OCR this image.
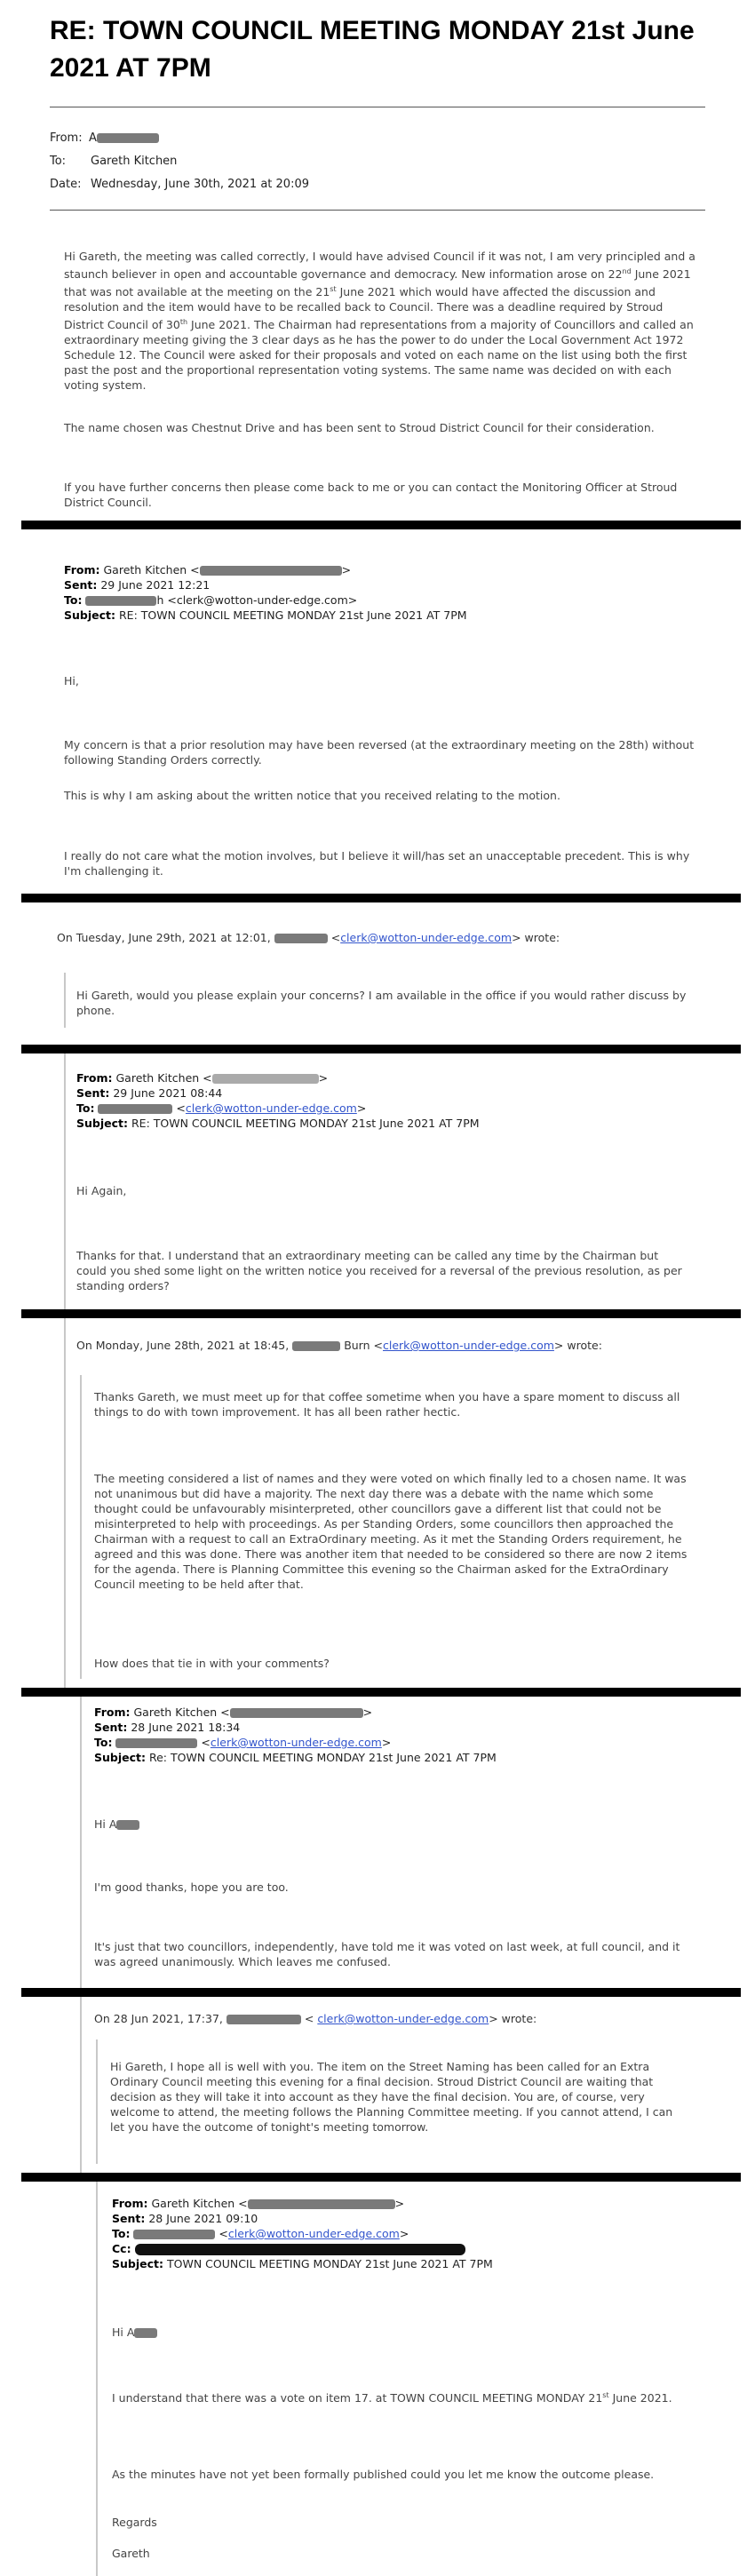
RE: TOWN COUNCIL MEETING MONDAY 21st June 2021 AT 7PM
From: A
To: Gareth Kitchen
Date: Wednesday, June 30th, 2021 at 20:09

Hi Gareth, the meeting was called correctly, I would have advised Council if it was not, I am very principled and a staunch believer in open and accountable governance and democracy. New information arose on 22nd June 2021 that was not available at the meeting on the 21st June 2021 which would have affected the discussion and resolution and the item would have to be recalled back to Council. There was a deadline required by Stroud District Council of 30th June 2021. The Chairman had representations from a majority of Councillors and called an extraordinary meeting giving the 3 clear days as he has the power to do under the Local Government Act 1972 Schedule 12. The Council were asked for their proposals and voted on each name on the list using both the first past the post and the proportional representation voting systems. The same name was decided on with each voting system.

The name chosen was Chestnut Drive and has been sent to Stroud District Council for their consideration.

If you have further concerns then please come back to me or you can contact the Monitoring Officer at Stroud District Council.

From: Gareth Kitchen <	>
Sent: 29 June 2021 12:21
To:	h <clerk@wotton-under-edge.com>
Subject: RE: TOWN COUNCIL MEETING MONDAY 21st June 2021 AT 7PM

Hi,

My concern is that a prior resolution may have been reversed (at the extraordinary meeting on the 28th) without following Standing Orders correctly.

This is why I am asking about the written notice that you received relating to the motion.

I really do not care what the motion involves, but I believe it will/has set an unacceptable precedent. This is why I'm challenging it.

On Tuesday, June 29th, 2021 at 12:01,	<clerk@wotton-under-edge.com> wrote:

Hi Gareth, would you please explain your concerns? I am available in the office if you would rather discuss by phone.

From: Gareth Kitchen <	>
Sent: 29 June 2021 08:44
To:	<clerk@wotton-under-edge.com>
Subject: RE: TOWN COUNCIL MEETING MONDAY 21st June 2021 AT 7PM

Hi Again,

Thanks for that. I understand that an extraordinary meeting can be called any time by the Chairman but could you shed some light on the written notice you received for a reversal of the previous resolution, as per standing orders?

On Monday, June 28th, 2021 at 18:45,	Burn <clerk@wotton-under-edge.com> wrote:

Thanks Gareth, we must meet up for that coffee sometime when you have a spare moment to discuss all things to do with town improvement. It has all been rather hectic.

The meeting considered a list of names and they were voted on which finally led to a chosen name. It was not unanimous but did have a majority. The next day there was a debate with the name which some thought could be unfavourably misinterpreted, other councillors gave a different list that could not be misinterpreted to help with proceedings. As per Standing Orders, some councillors then approached the Chairman with a request to call an ExtraOrdinary meeting. As it met the Standing Orders requirement, he agreed and this was done. There was another item that needed to be considered so there are now 2 items for the agenda. There is Planning Committee this evening so the Chairman asked for the ExtraOrdinary Council meeting to be held after that.

How does that tie in with your comments?

From: Gareth Kitchen <	>
Sent: 28 June 2021 18:34
To:	<clerk@wotton-under-edge.com>
Subject: Re: TOWN COUNCIL MEETING MONDAY 21st June 2021 AT 7PM

Hi A

I'm good thanks, hope you are too.

It's just that two councillors, independently, have told me it was voted on last week, at full council, and it was agreed unanimously. Which leaves me confused.

On 28 Jun 2021, 17:37,	< clerk@wotton-under-edge.com> wrote:

Hi Gareth, I hope all is well with you. The item on the Street Naming has been called for an Extra Ordinary Council meeting this evening for a final decision. Stroud District Council are waiting that decision as they will take it into account as they have the final decision. You are, of course, very welcome to attend, the meeting follows the Planning Committee meeting. If you cannot attend, I can let you have the outcome of tonight's meeting tomorrow.

From: Gareth Kitchen <	>
Sent: 28 June 2021 09:10
To:	<clerk@wotton-under-edge.com>
Cc:
Subject: TOWN COUNCIL MEETING MONDAY 21st June 2021 AT 7PM

Hi A

I understand that there was a vote on item 17. at TOWN COUNCIL MEETING MONDAY 21st June 2021.

As the minutes have not yet been formally published could you let me know the outcome please.

Regards

Gareth
